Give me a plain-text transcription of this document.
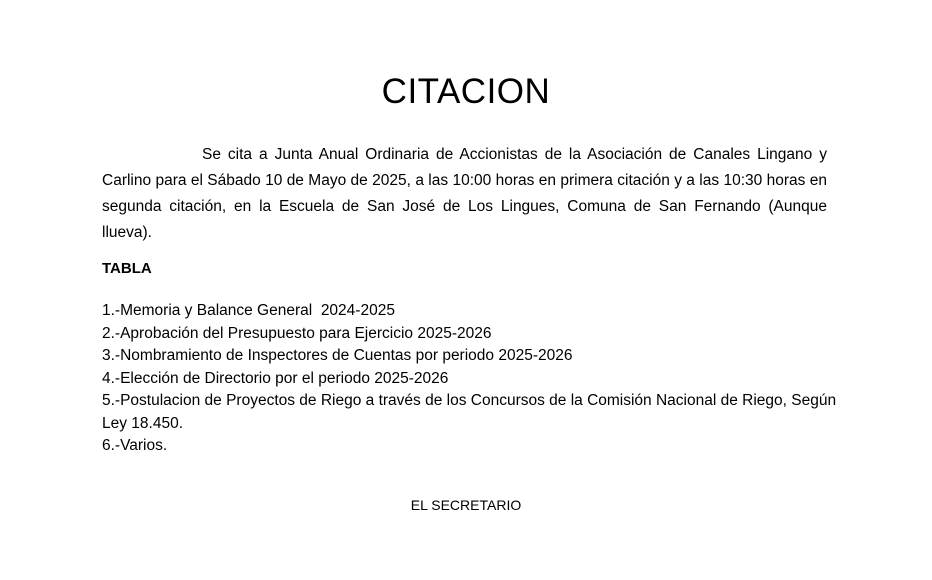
CITACION

Se cita a Junta Anual Ordinaria de Accionistas de la Asociación de Canales Lingano y Carlino para el Sábado 10 de Mayo de 2025, a las 10:00 horas en primera citación y a las 10:30 horas en segunda citación, en la Escuela de San José de Los Lingues, Comuna de San Fernando (Aunque llueva).

TABLA
1.-Memoria y Balance General  2024-2025
2.-Aprobación del Presupuesto para Ejercicio 2025-2026
3.-Nombramiento de Inspectores de Cuentas por periodo 2025-2026
4.-Elección de Directorio por el periodo 2025-2026
5.-Postulacion de Proyectos de Riego a través de los Concursos de la Comisión Nacional de Riego, Según Ley 18.450.
6.-Varios.
EL SECRETARIO
